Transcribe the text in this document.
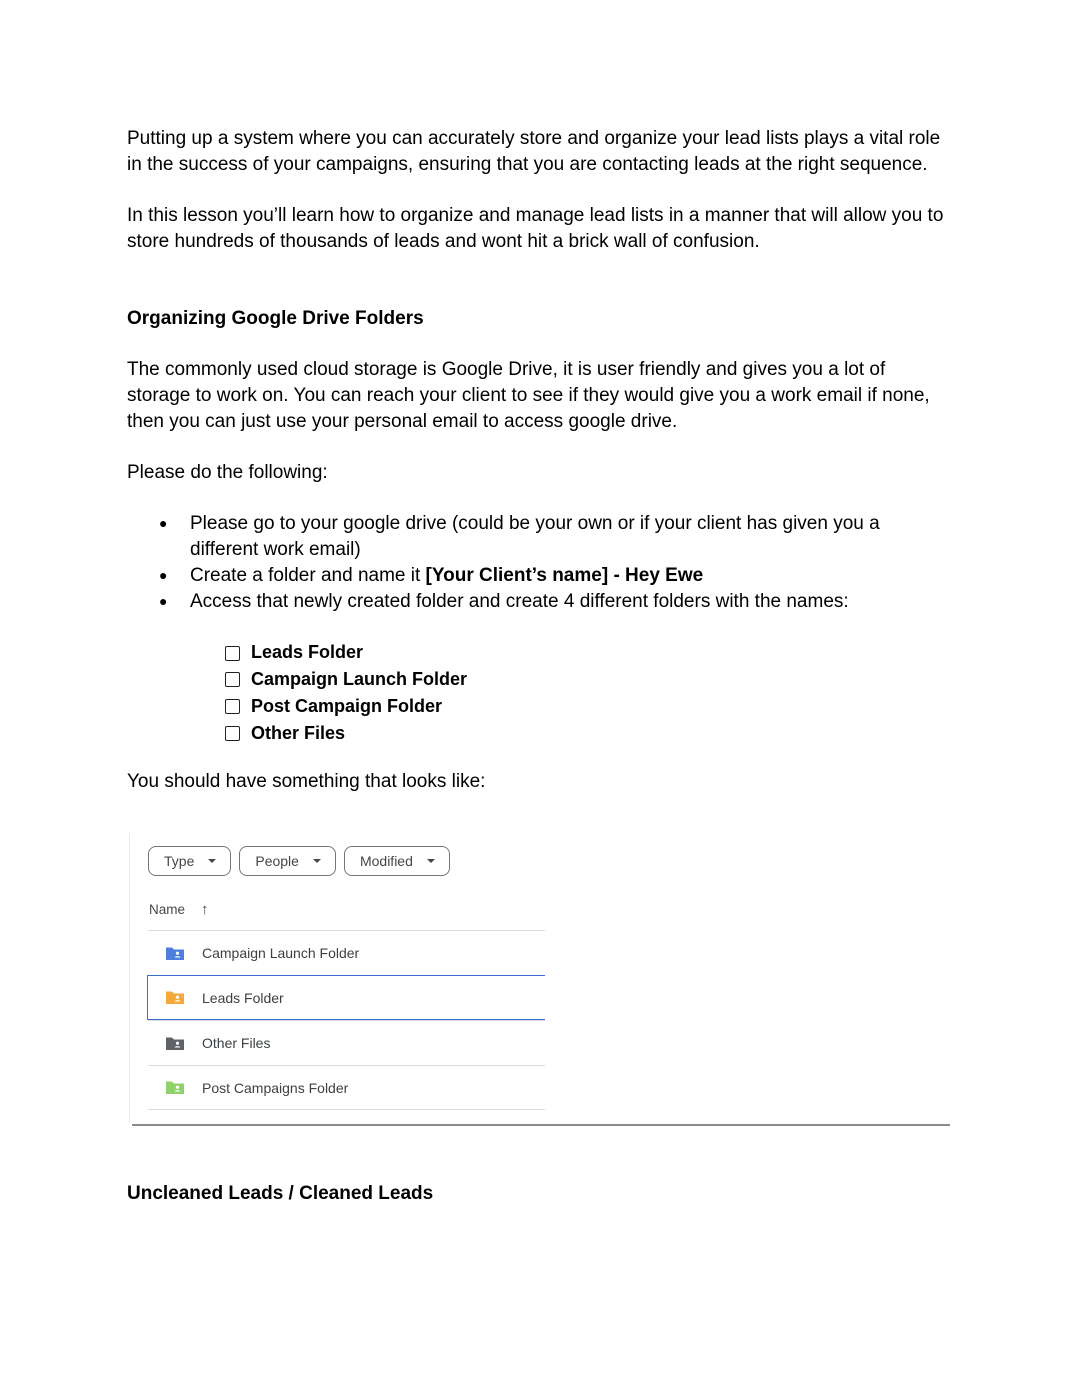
Putting up a system where you can accurately store and organize your lead lists plays a vital role in the success of your campaigns, ensuring that you are contacting leads at the right sequence.

In this lesson you’ll learn how to organize and manage lead lists in a manner that will allow you to store hundreds of thousands of leads and wont hit a brick wall of confusion.

Organizing Google Drive Folders

The commonly used cloud storage is Google Drive, it is user friendly and gives you a lot of storage to work on. You can reach your client to see if they would give you a work email if none, then you can just use your personal email to access google drive.

Please do the following:

● Please go to your google drive (could be your own or if your client has given you a different work email)
● Create a folder and name it [Your Client’s name] - Hey Ewe
● Access that newly created folder and create 4 different folders with the names:
Leads Folder
Campaign Launch Folder
Post Campaign Folder
Other Files

You should have something that looks like:

Type	People	Modified
Name ↑
Campaign Launch Folder
Leads Folder
Other Files
Post Campaigns Folder

Uncleaned Leads / Cleaned Leads
